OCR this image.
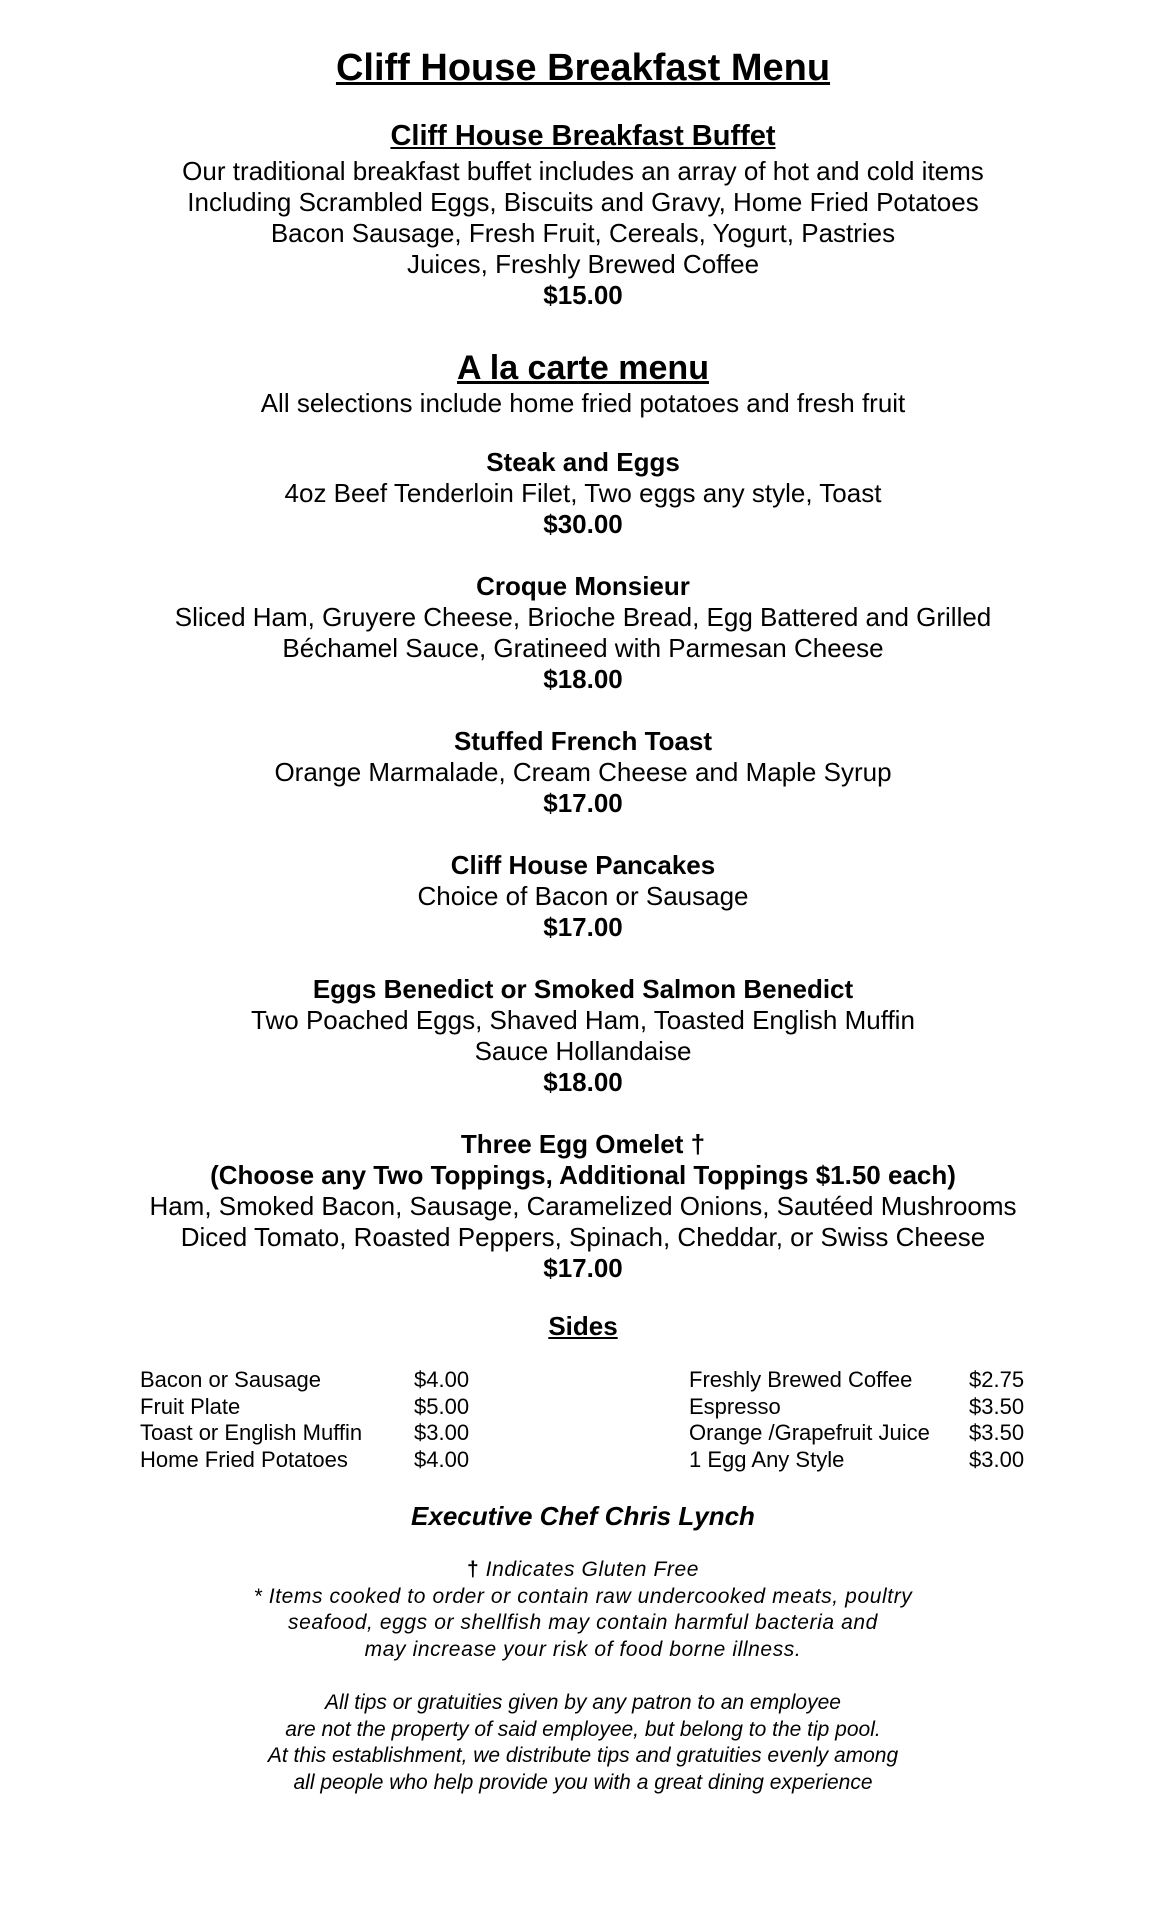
Cliff House Breakfast Menu

Cliff House Breakfast Buffet

Our traditional breakfast buffet includes an array of hot and cold items

Including Scrambled Eggs, Biscuits and Gravy, Home Fried Potatoes

Bacon Sausage, Fresh Fruit, Cereals, Yogurt, Pastries

Juices, Freshly Brewed Coffee

$15.00

A la carte menu

All selections include home fried potatoes and fresh fruit

Steak and Eggs

4oz Beef Tenderloin Filet, Two eggs any style, Toast

$30.00

Croque Monsieur

Sliced Ham, Gruyere Cheese, Brioche Bread, Egg Battered and Grilled

Béchamel Sauce, Gratineed with Parmesan Cheese

$18.00

Stuffed French Toast

Orange Marmalade, Cream Cheese and Maple Syrup

$17.00

Cliff House Pancakes

Choice of Bacon or Sausage

$17.00

Eggs Benedict or Smoked Salmon Benedict

Two Poached Eggs, Shaved Ham, Toasted English Muffin

Sauce Hollandaise

$18.00

Three Egg Omelet †

(Choose any Two Toppings, Additional Toppings $1.50 each)

Ham, Smoked Bacon, Sausage, Caramelized Onions, Sautéed Mushrooms

Diced Tomato, Roasted Peppers, Spinach, Cheddar, or Swiss Cheese

$17.00

Sides
Bacon or Sausage	$4.00
Fruit Plate	$5.00
Toast or English Muffin	$3.00
Home Fried Potatoes	$4.00
Freshly Brewed Coffee	$2.75
Espresso	$3.50
Orange /Grapefruit Juice	$3.50
1 Egg Any Style	$3.00
Executive Chef Chris Lynch

† Indicates Gluten Free

* Items cooked to order or contain raw undercooked meats, poultry

seafood, eggs or shellfish may contain harmful bacteria and

may increase your risk of food borne illness.

All tips or gratuities given by any patron to an employee

are not the property of said employee, but belong to the tip pool.

At this establishment, we distribute tips and gratuities evenly among

all people who help provide you with a great dining experience
